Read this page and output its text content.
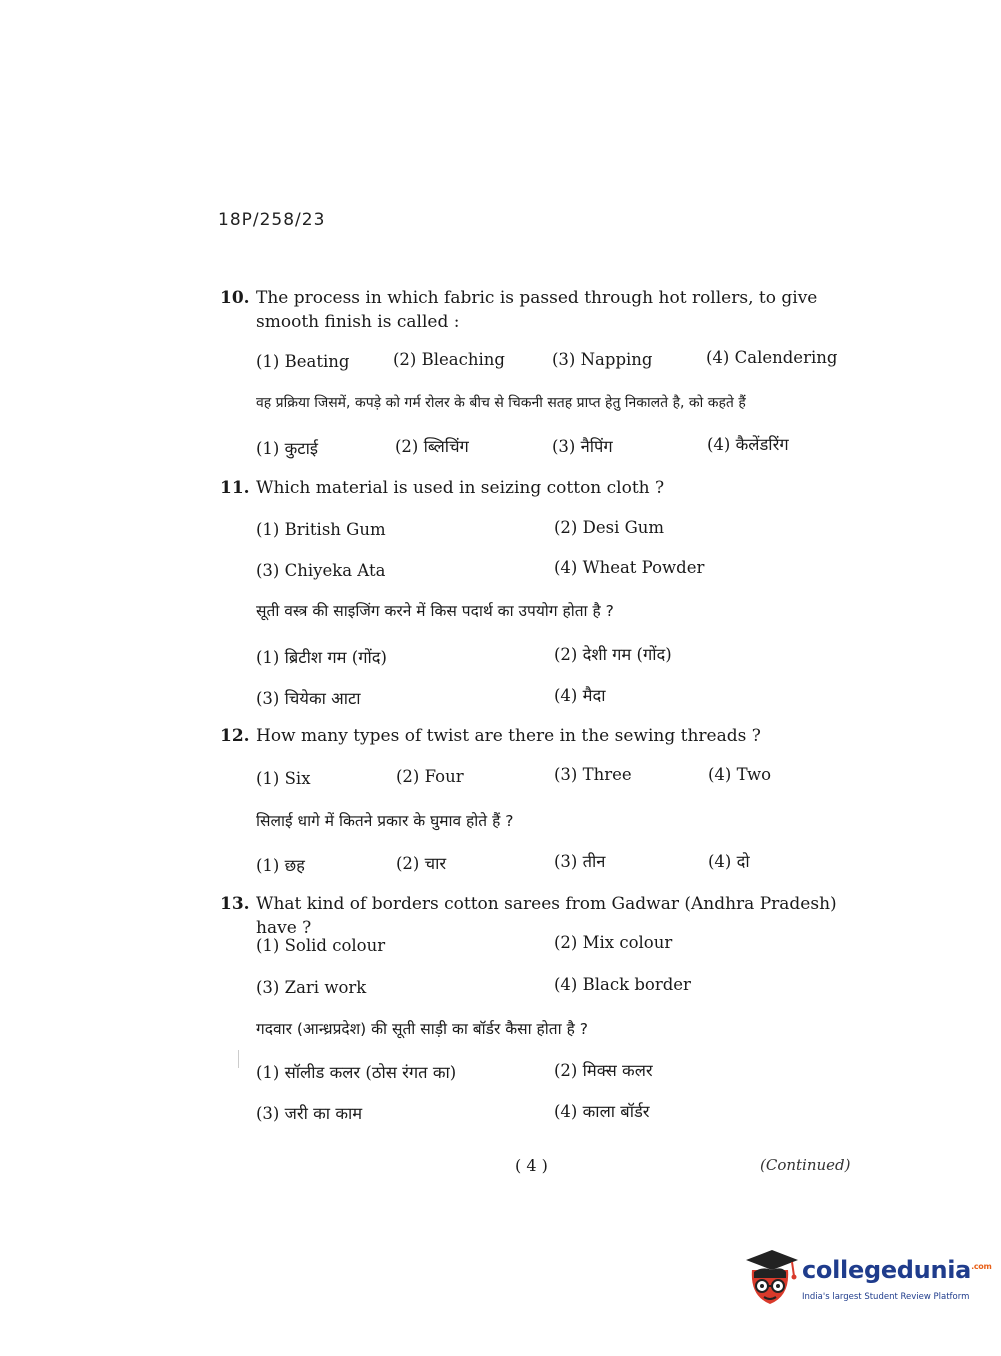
18P/258/23
10. The process in which fabric is passed through hot rollers, to give smooth finish is called :
(1) Beating	(2) Bleaching	(3) Napping	(4) Calendering
वह प्रक्रिया जिसमें, कपड़े को गर्म रोलर के बीच से चिकनी सतह प्राप्त हेतु निकालते है, को कहते हैं
(1) कुटाई	(2) ब्लिचिंग	(3) नैपिंग	(4) कैलेंडरिंग
11. Which material is used in seizing cotton cloth ?
(1) British Gum	(2) Desi Gum
(3) Chiyeka Ata	(4) Wheat Powder
सूती वस्त्र की साइजिंग करने में किस पदार्थ का उपयोग होता है ?
(1) ब्रिटीश गम (गोंद)	(2) देशी गम (गोंद)
(3) चियेका आटा	(4) मैदा
12. How many types of twist are there in the sewing threads ?
(1) Six	(2) Four	(3) Three	(4) Two
सिलाई धागे में कितने प्रकार के घुमाव होते हैं ?
(1) छह	(2) चार	(3) तीन	(4) दो
13. What kind of borders cotton sarees from Gadwar (Andhra Pradesh) have ?
(1) Solid colour	(2) Mix colour
(3) Zari work	(4) Black border
गदवार (आन्ध्रप्रदेश) की सूती साड़ी का बॉर्डर कैसा होता है ?
(1) सॉलीड कलर (ठोस रंगत का)	(2) मिक्स कलर
(3) जरी का काम	(4) काला बॉर्डर
( 4 )	(Continued)
collegedunia$^{.com}$
India's largest Student Review Platform
